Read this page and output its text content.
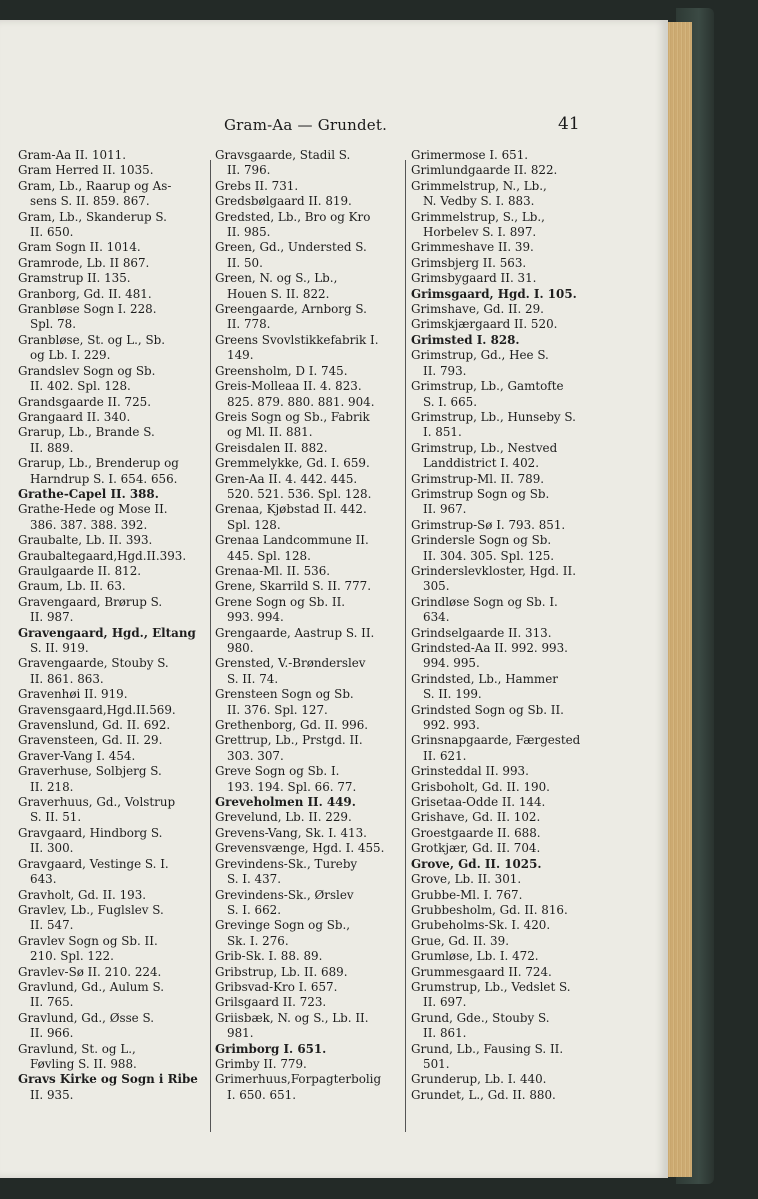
Gram-Aa — Grundet.	41
Gram-Aa II. 1011.
Gram Herred II. 1035.
Gram, Lb., Raarup og As-
sens S. II. 859. 867.
Gram, Lb., Skanderup S.
II. 650.
Gram Sogn II. 1014.
Gramrode, Lb. II 867.
Gramstrup II. 135.
Granborg, Gd. II. 481.
Granbløse Sogn I. 228.
Spl. 78.
Granbløse, St. og L., Sb.
og Lb. I. 229.
Grandslev Sogn og Sb.
II. 402. Spl. 128.
Grandsgaarde II. 725.
Grangaard II. 340.
Grarup, Lb., Brande S.
II. 889.
Grarup, Lb., Brenderup og
Harndrup S. I. 654. 656.
Grathe-Capel II. 388.
Grathe-Hede og Mose II.
386. 387. 388. 392.
Graubalte, Lb. II. 393.
Graubaltegaard,Hgd.II.393.
Graulgaarde II. 812.
Graum, Lb. II. 63.
Gravengaard, Brørup S.
II. 987.
Gravengaard, Hgd., Eltang
S. II. 919.
Gravengaarde, Stouby S.
II. 861. 863.
Gravenhøi II. 919.
Gravensgaard,Hgd.II.569.
Gravenslund, Gd. II. 692.
Gravensteen, Gd. II. 29.
Graver-Vang I. 454.
Graverhuse, Solbjerg S.
II. 218.
Graverhuus, Gd., Volstrup
S. II. 51.
Gravgaard, Hindborg S.
II. 300.
Gravgaard, Vestinge S. I.
643.
Gravholt, Gd. II. 193.
Gravlev, Lb., Fuglslev S.
II. 547.
Gravlev Sogn og Sb. II.
210. Spl. 122.
Gravlev-Sø II. 210. 224.
Gravlund, Gd., Aulum S.
II. 765.
Gravlund, Gd., Øsse S.
II. 966.
Gravlund, St. og L.,
Føvling S. II. 988.
Gravs Kirke og Sogn i Ribe
II. 935.
Gravsgaarde, Stadil S.
II. 796.
Grebs II. 731.
Gredsbølgaard II. 819.
Gredsted, Lb., Bro og Kro
II. 985.
Green, Gd., Understed S.
II. 50.
Green, N. og S., Lb.,
Houen S. II. 822.
Greengaarde, Arnborg S.
II. 778.
Greens Svovlstikkefabrik I.
149.
Greensholm, D I. 745.
Greis-Molleaa II. 4. 823.
825. 879. 880. 881. 904.
Greis Sogn og Sb., Fabrik
og Ml. II. 881.
Greisdalen II. 882.
Gremmelykke, Gd. I. 659.
Gren-Aa II. 4. 442. 445.
520. 521. 536. Spl. 128.
Grenaa, Kjøbstad II. 442.
Spl. 128.
Grenaa Landcommune II.
445. Spl. 128.
Grenaa-Ml. II. 536.
Grene, Skarrild S. II. 777.
Grene Sogn og Sb. II.
993. 994.
Grengaarde, Aastrup S. II.
980.
Grensted, V.-Brønderslev
S. II. 74.
Grensteen Sogn og Sb.
II. 376. Spl. 127.
Grethenborg, Gd. II. 996.
Grettrup, Lb., Prstgd. II.
303. 307.
Greve Sogn og Sb. I.
193. 194. Spl. 66. 77.
Greveholmen II. 449.
Grevelund, Lb. II. 229.
Grevens-Vang, Sk. I. 413.
Grevensvænge, Hgd. I. 455.
Grevindens-Sk., Tureby
S. I. 437.
Grevindens-Sk., Ørslev
S. I. 662.
Grevinge Sogn og Sb.,
Sk. I. 276.
Grib-Sk. I. 88. 89.
Gribstrup, Lb. II. 689.
Gribsvad-Kro I. 657.
Grilsgaard II. 723.
Griisbæk, N. og S., Lb. II.
981.
Grimborg I. 651.
Grimby II. 779.
Grimerhuus,Forpagterbolig
I. 650. 651.
Grimermose I. 651.
Grimlundgaarde II. 822.
Grimmelstrup, N., Lb.,
N. Vedby S. I. 883.
Grimmelstrup, S., Lb.,
Horbelev S. I. 897.
Grimmeshave II. 39.
Grimsbjerg II. 563.
Grimsbygaard II. 31.
Grimsgaard, Hgd. I. 105.
Grimshave, Gd. II. 29.
Grimskjærgaard II. 520.
Grimsted I. 828.
Grimstrup, Gd., Hee S.
II. 793.
Grimstrup, Lb., Gamtofte
S. I. 665.
Grimstrup, Lb., Hunseby S.
I. 851.
Grimstrup, Lb., Nestved
Landdistrict I. 402.
Grimstrup-Ml. II. 789.
Grimstrup Sogn og Sb.
II. 967.
Grimstrup-Sø I. 793. 851.
Grindersle Sogn og Sb.
II. 304. 305. Spl. 125.
Grinderslevkloster, Hgd. II.
305.
Grindløse Sogn og Sb. I.
634.
Grindselgaarde II. 313.
Grindsted-Aa II. 992. 993.
994. 995.
Grindsted, Lb., Hammer
S. II. 199.
Grindsted Sogn og Sb. II.
992. 993.
Grinsnapgaarde, Færgested
II. 621.
Grinsteddal II. 993.
Grisboholt, Gd. II. 190.
Grisetaa-Odde II. 144.
Grishave, Gd. II. 102.
Groestgaarde II. 688.
Grotkjær, Gd. II. 704.
Grove, Gd. II. 1025.
Grove, Lb. II. 301.
Grubbe-Ml. I. 767.
Grubbesholm, Gd. II. 816.
Grubeholms-Sk. I. 420.
Grue, Gd. II. 39.
Grumløse, Lb. I. 472.
Grummesgaard II. 724.
Grumstrup, Lb., Vedslet S.
II. 697.
Grund, Gde., Stouby S.
II. 861.
Grund, Lb., Fausing S. II.
501.
Grunderup, Lb. I. 440.
Grundet, L., Gd. II. 880.
